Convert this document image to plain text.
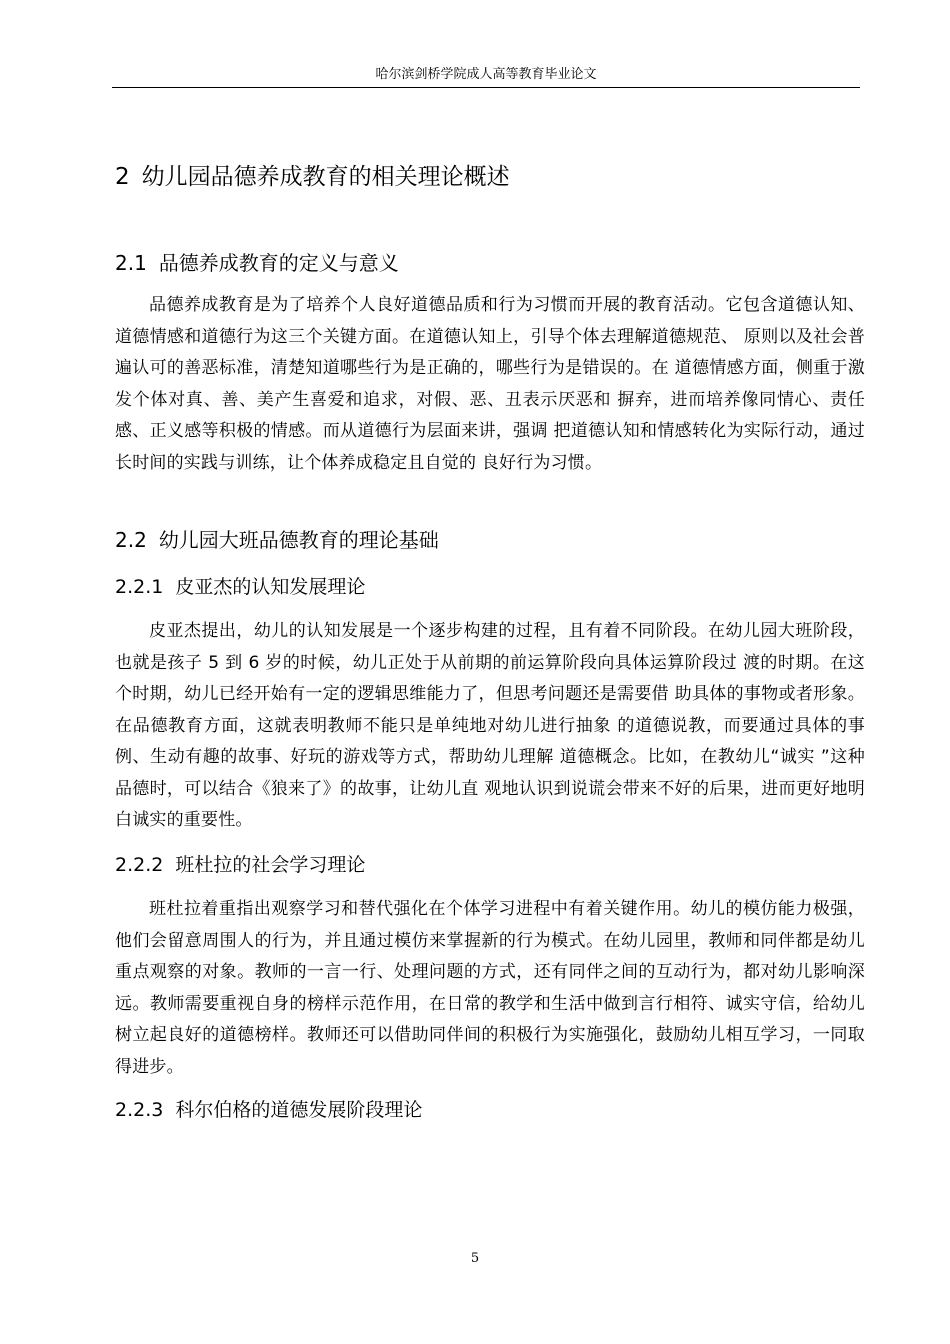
哈尔滨剑桥学院成人高等教育毕业论文
2 幼儿园品德养成教育的相关理论概述
2.1 品德养成教育的定义与意义

品德养成教育是为了培养个人良好道德品质和行为习惯而开展的教育活动。它包含道德认知、道德情感和道德行为这三个关键方面。在道德认知上，引导个体去理解道德规范、 原则以及社会普遍认可的善恶标准，清楚知道哪些行为是正确的，哪些行为是错误的。在 道德情感方面，侧重于激发个体对真、善、美产生喜爱和追求，对假、恶、丑表示厌恶和 摒弃，进而培养像同情心、责任感、正义感等积极的情感。而从道德行为层面来讲，强调 把道德认知和情感转化为实际行动，通过长时间的实践与训练，让个体养成稳定且自觉的 良好行为习惯。

2.2 幼儿园大班品德教育的理论基础
2.2.1 皮亚杰的认知发展理论

皮亚杰提出，幼儿的认知发展是一个逐步构建的过程，且有着不同阶段。在幼儿园大班阶段，也就是孩子 5 到 6 岁的时候，幼儿正处于从前期的前运算阶段向具体运算阶段过 渡的时期。在这个时期，幼儿已经开始有一定的逻辑思维能力了，但思考问题还是需要借 助具体的事物或者形象。在品德教育方面，这就表明教师不能只是单纯地对幼儿进行抽象 的道德说教，而要通过具体的事例、生动有趣的故事、好玩的游戏等方式，帮助幼儿理解 道德概念。比如，在教幼儿“诚实 ”这种品德时，可以结合《狼来了》的故事，让幼儿直 观地认识到说谎会带来不好的后果，进而更好地明白诚实的重要性。

2.2.2 班杜拉的社会学习理论

班杜拉着重指出观察学习和替代强化在个体学习进程中有着关键作用。幼儿的模仿能力极强，他们会留意周围人的行为，并且通过模仿来掌握新的行为模式。在幼儿园里，教师和同伴都是幼儿重点观察的对象。教师的一言一行、处理问题的方式，还有同伴之间的互动行为，都对幼儿影响深远。教师需要重视自身的榜样示范作用，在日常的教学和生活中做到言行相符、诚实守信，给幼儿树立起良好的道德榜样。教师还可以借助同伴间的积极行为实施强化，鼓励幼儿相互学习，一同取得进步。

2.2.3 科尔伯格的道德发展阶段理论
5
